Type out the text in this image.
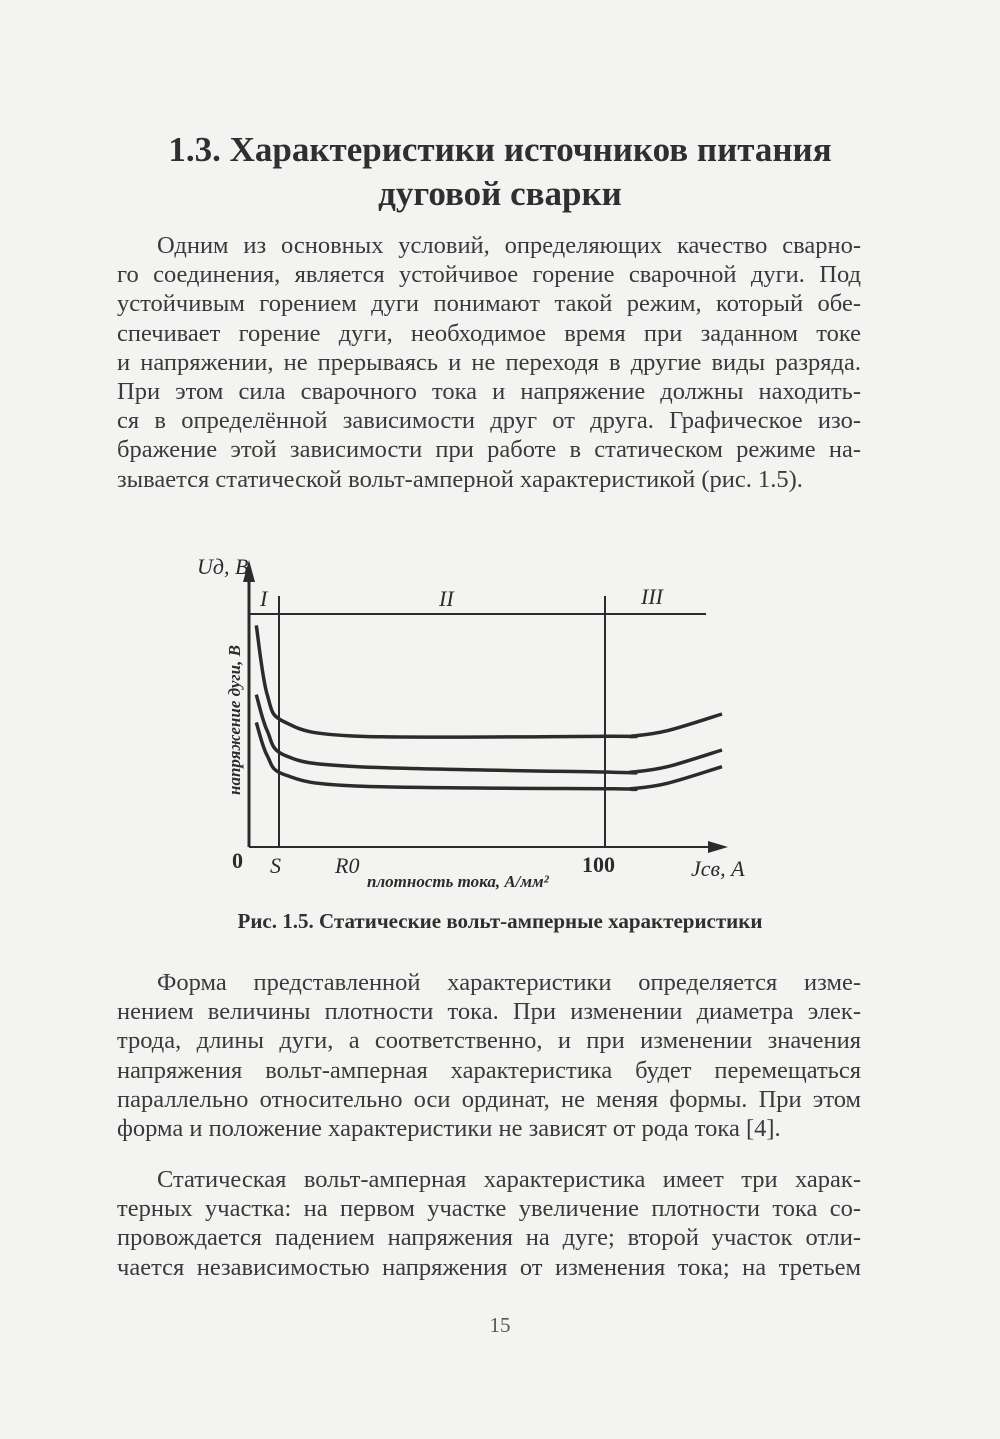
1.3. Характеристики источников питания
дуговой сварки
Одним из основных условий, определяющих качество сварно-
го соединения, является устойчивое горение сварочной дуги. Под
устойчивым горением дуги понимают такой режим, который обе-
спечивает горение дуги, необходимое время при заданном токе
и напряжении, не прерываясь и не переходя в другие виды разряда.
При этом сила сварочного тока и напряжение должны находить-
ся в определённой зависимости друг от друга. Графическое изо-
бражение этой зависимости при работе в статическом режиме на-
зывается статической вольт-амперной характеристикой (рис. 1.5).
Uд, B
напряжение дуги, В
I	II	III
0 S R0
плотность тока, А/мм²
100	Jсв, A
Рис. 1.5. Статические вольт-амперные характеристики
Форма представленной характеристики определяется изме-
нением величины плотности тока. При изменении диаметра элек-
трода, длины дуги, а соответственно, и при изменении значения
напряжения вольт-амперная характеристика будет перемещаться
параллельно относительно оси ординат, не меняя формы. При этом
форма и положение характеристики не зависят от рода тока [4].
Статическая вольт-амперная характеристика имеет три харак-
терных участка: на первом участке увеличение плотности тока со-
провождается падением напряжения на дуге; второй участок отли-
чается независимостью напряжения от изменения тока; на третьем
15
